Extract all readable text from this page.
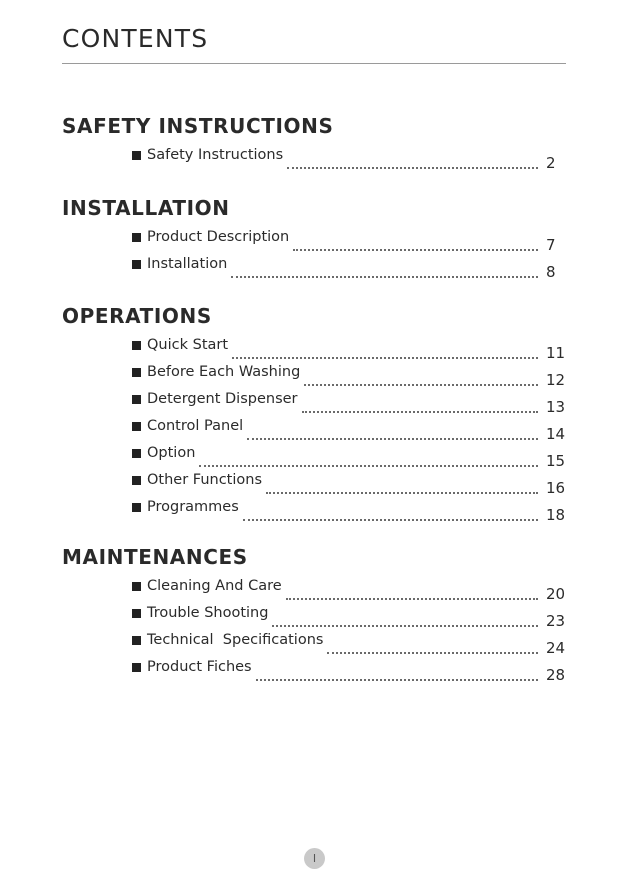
CONTENTS
SAFETY INSTRUCTIONS
Safety Instructions	2
INSTALLATION
Product Description	7
Installation	8
OPERATIONS
Quick Start	11
Before Each Washing	12
Detergent Dispenser	13
Control Panel	14
Option	15
Other Functions	16
Programmes	18
MAINTENANCES
Cleaning And Care	20
Trouble Shooting	23
Technical  Specifications	24
Product Fiches	28
I
